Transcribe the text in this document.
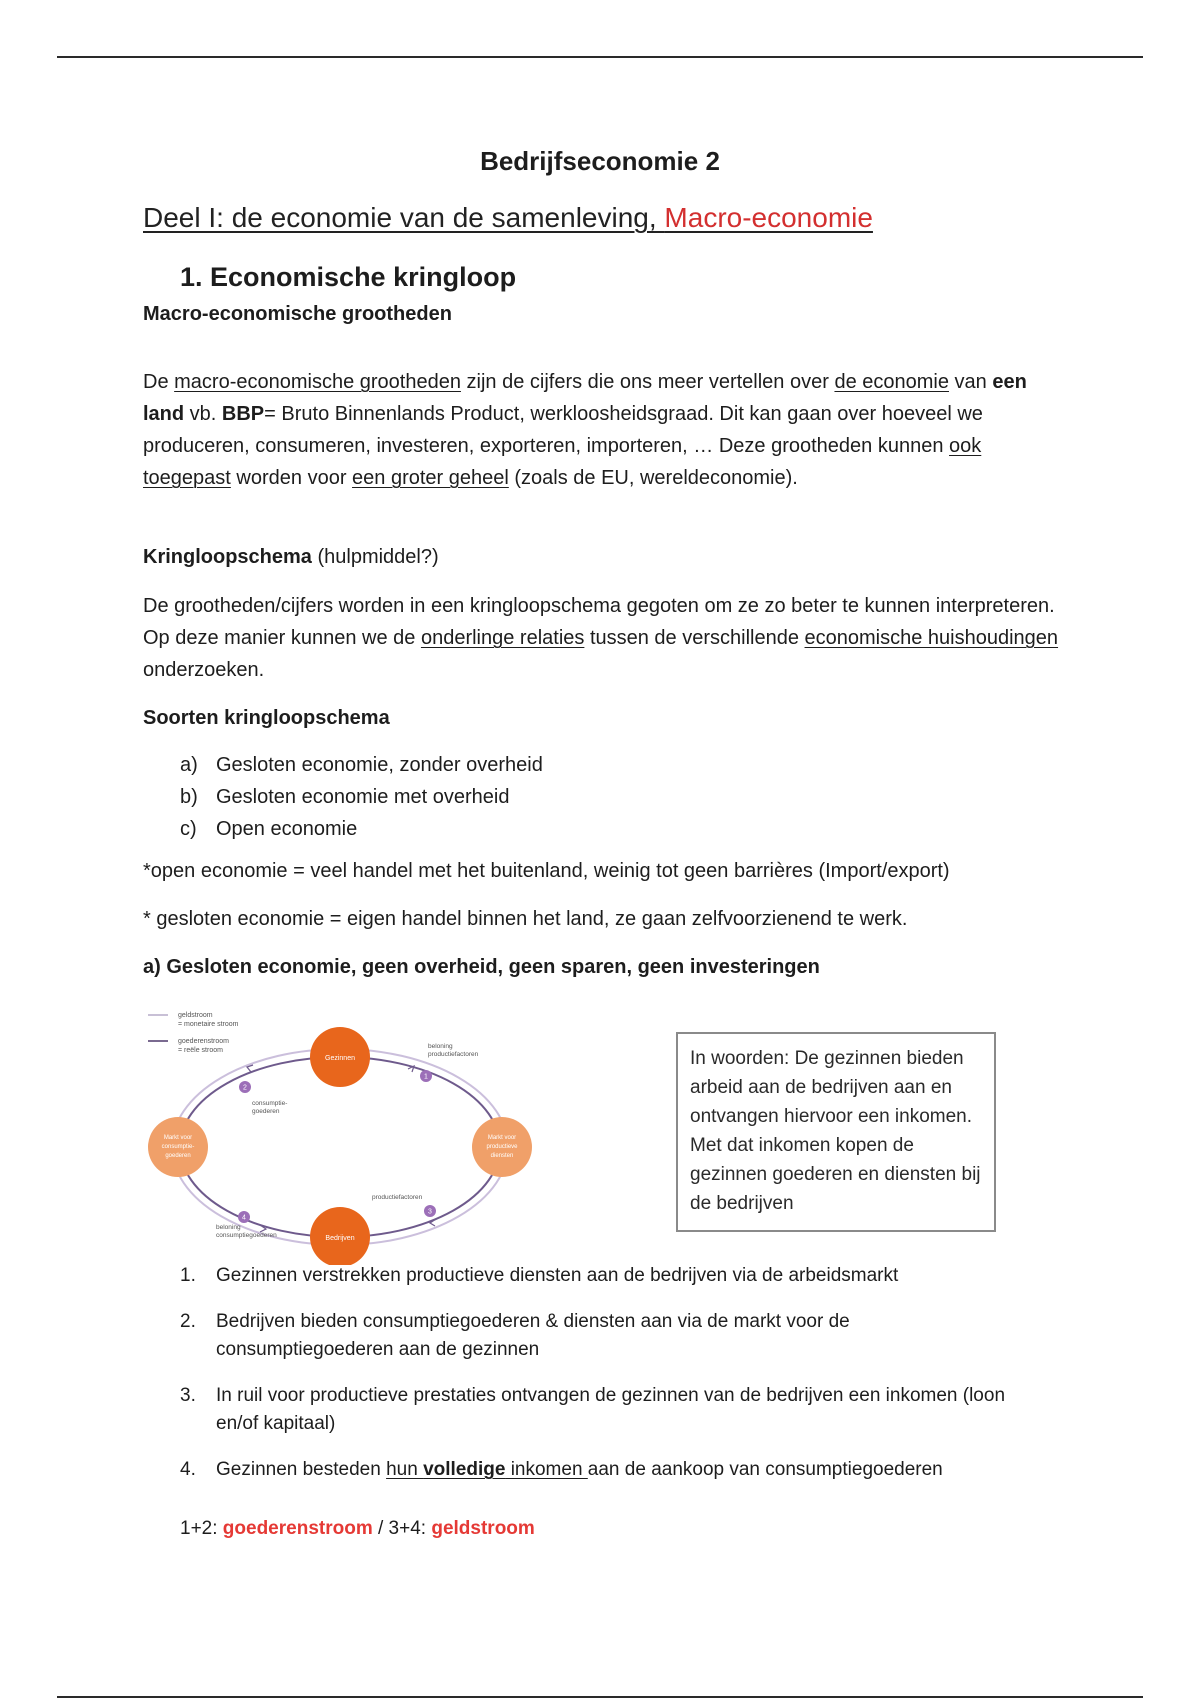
Bedrijfseconomie 2
Deel I: de economie van de samenleving, Macro-economie
1. Economische kringloop
Macro-economische grootheden
De macro-economische grootheden zijn de cijfers die ons meer vertellen over de economie van een land vb. BBP= Bruto Binnenlands Product, werkloosheidsgraad. Dit kan gaan over hoeveel we produceren, consumeren, investeren, exporteren, importeren, … Deze grootheden kunnen ook toegepast worden voor een groter geheel (zoals de EU, wereldeconomie).
Kringloopschema (hulpmiddel?)
De grootheden/cijfers worden in een kringloopschema gegoten om ze zo beter te kunnen interpreteren. Op deze manier kunnen we de onderlinge relaties tussen de verschillende economische huishoudingen onderzoeken.
Soorten kringloopschema
a) Gesloten economie, zonder overheid
b) Gesloten economie met overheid
c) Open economie
*open economie = veel handel met het buitenland, weinig tot geen barrières (Import/export)
* gesloten economie = eigen handel binnen het land, ze gaan zelfvoorzienend te werk.
a) Gesloten economie, geen overheid, geen sparen, geen investeringen
geldstroom
= monetaire stroom
goederenstroom
= reële stroom
Gezinnen
Bedrijven
Markt voor
consumptie-
goederen
Markt voor
productieve
diensten
1
2
3
4
beloning
productiefactoren
consumptie-
goederen
productiefactoren
beloning
consumptiegoederen
In woorden: De gezinnen bieden arbeid aan de bedrijven aan en ontvangen hiervoor een inkomen. Met dat inkomen kopen de gezinnen goederen en diensten bij de bedrijven
1.	Gezinnen verstrekken productieve diensten aan de bedrijven via de arbeidsmarkt
2.	Bedrijven bieden consumptiegoederen & diensten aan via de markt voor de consumptiegoederen aan de gezinnen
3.	In ruil voor productieve prestaties ontvangen de gezinnen van de bedrijven een inkomen (loon en/of kapitaal)
4.	Gezinnen besteden hun volledige inkomen aan de aankoop van consumptiegoederen
1+2: goederenstroom / 3+4: geldstroom
